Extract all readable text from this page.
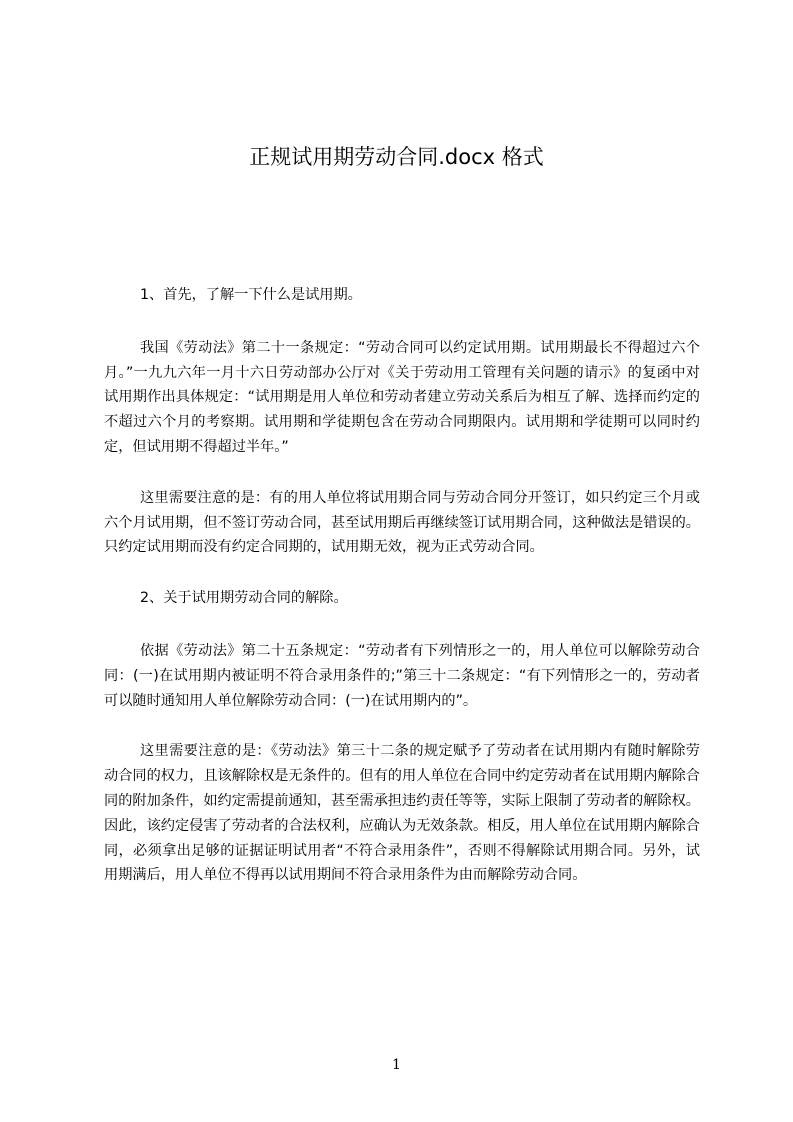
正规试用期劳动合同.docx 格式

1、首先，了解一下什么是试用期。

我国《劳动法》第二十一条规定：“劳动合同可以约定试用期。试用期最长不得超过六个月。”一九九六年一月十六日劳动部办公厅对《关于劳动用工管理有关问题的请示》的复函中对试用期作出具体规定：“试用期是用人单位和劳动者建立劳动关系后为相互了解、选择而约定的不超过六个月的考察期。试用期和学徒期包含在劳动合同期限内。试用期和学徒期可以同时约定，但试用期不得超过半年。”

这里需要注意的是：有的用人单位将试用期合同与劳动合同分开签订，如只约定三个月或六个月试用期，但不签订劳动合同，甚至试用期后再继续签订试用期合同，这种做法是错误的。只约定试用期而没有约定合同期的，试用期无效，视为正式劳动合同。

2、关于试用期劳动合同的解除。

依据《劳动法》第二十五条规定：“劳动者有下列情形之一的，用人单位可以解除劳动合同：(一)在试用期内被证明不符合录用条件的;”第三十二条规定：“有下列情形之一的，劳动者可以随时通知用人单位解除劳动合同：(一)在试用期内的”。

这里需要注意的是：《劳动法》第三十二条的规定赋予了劳动者在试用期内有随时解除劳动合同的权力，且该解除权是无条件的。但有的用人单位在合同中约定劳动者在试用期内解除合同的附加条件，如约定需提前通知，甚至需承担违约责任等等，实际上限制了劳动者的解除权。因此，该约定侵害了劳动者的合法权利，应确认为无效条款。相反，用人单位在试用期内解除合同，必须拿出足够的证据证明试用者“不符合录用条件”，否则不得解除试用期合同。另外，试用期满后，用人单位不得再以试用期间不符合录用条件为由而解除劳动合同。

1
